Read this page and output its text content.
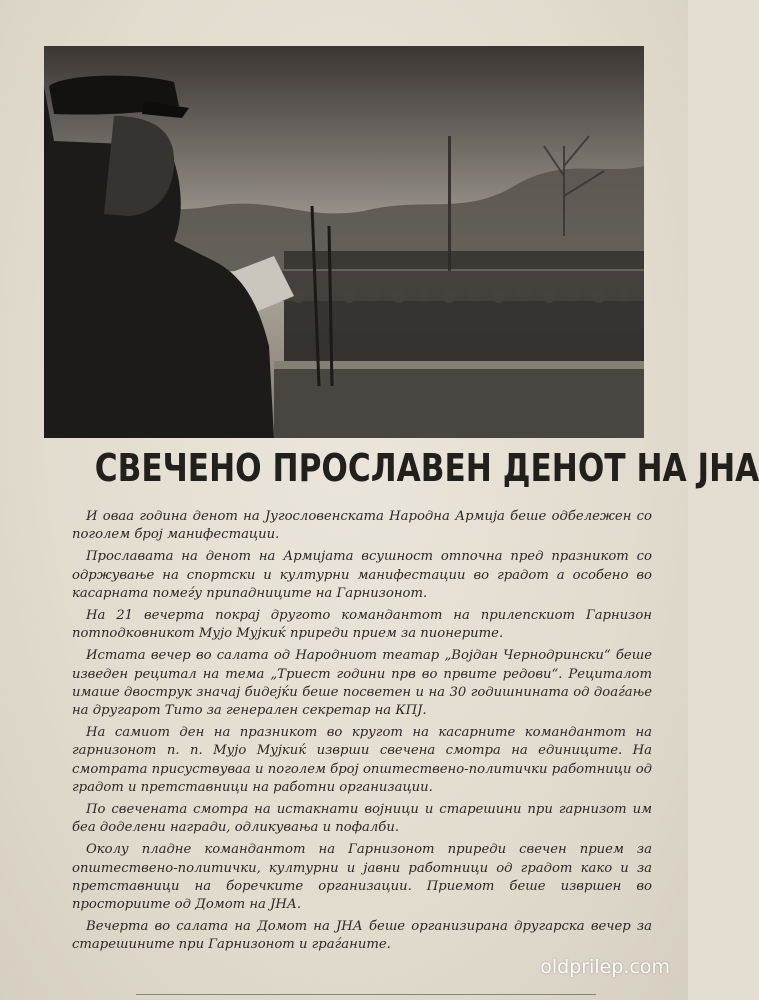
СВЕЧЕНО ПРОСЛАВЕН ДЕНОТ НА ЈНА

И оваа година денот на Југословенската Народна Армија беше одбележен со поголем број манифестации.

Прославата на денот на Армијата всушност отпочна пред празникот со одржување на спортски и културни манифестации во градот а особено во касарната помеѓу припадниците на Гарнизонот.

На 21 вечерта покрај другото командантот на прилепскиот Гарнизон потподковникот Мујо Мујкиќ приреди прием за пионерите.

Истата вечер во салата од Народниот театар „Војдан Чернодрински“ беше изведен рецитал на тема „Триест години прв во првите редови“. Рециталот имаше двострук значај бидејќи беше посветен и на 30 годишнината од доаѓање на другарот Тито за генерален секретар на КПЈ.

На самиот ден на празникот во кругот на касарните командантот на гарнизонот п. п. Мујо Мујкиќ изврши свечена смотра на единиците. На смотрата присуствуваа и поголем број општествено-политички работници од градот и претставници на работни организации.

По свечената смотра на истакнати војници и старешини при гарнизот им беа доделени награди, одликувања и пофалби.

Околу пладне командантот на Гарнизонот приреди свечен прием за општествено-политички, културни и јавни работници од градот како и за претставници на боречките организации. Приемот беше извршен во просториите од Домот на ЈНА.

Вечерта во салата на Домот на ЈНА беше организирана другарска вечер за старешините при Гарнизонот и граѓаните.

oldprilep.com
